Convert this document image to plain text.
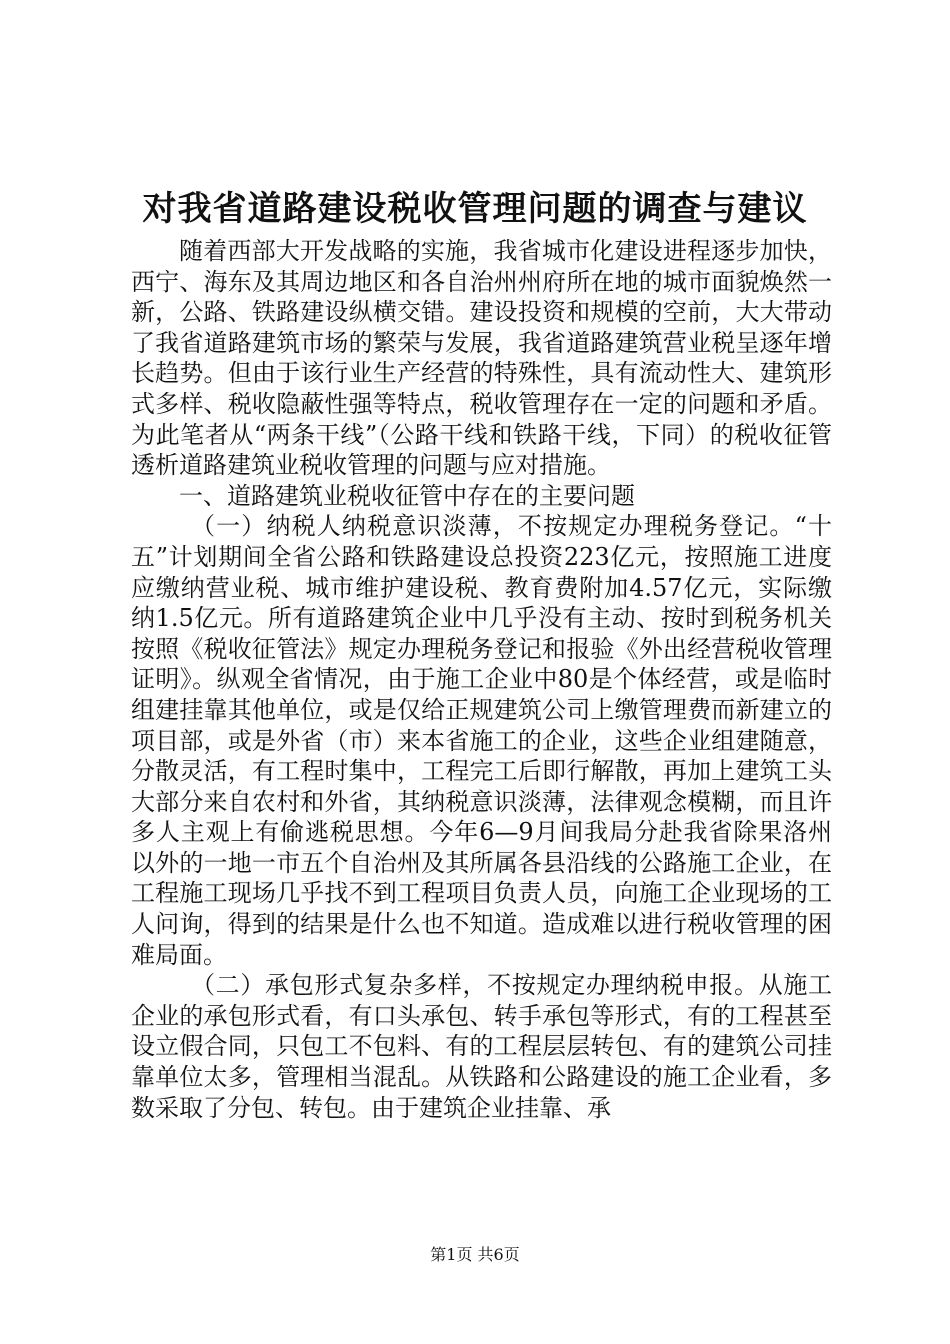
对我省道路建设税收管理问题的调查与建议

随着西部大开发战略的实施，我省城市化建设进程逐步加快，西宁、海东及其周边地区和各自治州州府所在地的城市面貌焕然一新，公路、铁路建设纵横交错。建设投资和规模的空前，大大带动了我省道路建筑市场的繁荣与发展，我省道路建筑营业税呈逐年增长趋势。但由于该行业生产经营的特殊性，具有流动性大、建筑形式多样、税收隐蔽性强等特点，税收管理存在一定的问题和矛盾。为此笔者从“两条干线”（公路干线和铁路干线，下同）的税收征管透析道路建筑业税收管理的问题与应对措施。

一、道路建筑业税收征管中存在的主要问题

（一）纳税人纳税意识淡薄，不按规定办理税务登记。“十五”计划期间全省公路和铁路建设总投资223亿元，按照施工进度应缴纳营业税、城市维护建设税、教育费附加4.57亿元，实际缴纳1.5亿元。所有道路建筑企业中几乎没有主动、按时到税务机关按照《税收征管法》规定办理税务登记和报验《外出经营税收管理证明》。纵观全省情况，由于施工企业中80是个体经营，或是临时组建挂靠其他单位，或是仅给正规建筑公司上缴管理费而新建立的项目部，或是外省（市）来本省施工的企业，这些企业组建随意，分散灵活，有工程时集中，工程完工后即行解散，再加上建筑工头大部分来自农村和外省，其纳税意识淡薄，法律观念模糊，而且许多人主观上有偷逃税思想。今年6—9月间我局分赴我省除果洛州以外的一地一市五个自治州及其所属各县沿线的公路施工企业，在工程施工现场几乎找不到工程项目负责人员，向施工企业现场的工人问询，得到的结果是什么也不知道。造成难以进行税收管理的困难局面。

（二）承包形式复杂多样，不按规定办理纳税申报。从施工企业的承包形式看，有口头承包、转手承包等形式，有的工程甚至设立假合同，只包工不包料、有的工程层层转包、有的建筑公司挂靠单位太多，管理相当混乱。从铁路和公路建设的施工企业看，多数采取了分包、转包。由于建筑企业挂靠、承

第1页 共6页
